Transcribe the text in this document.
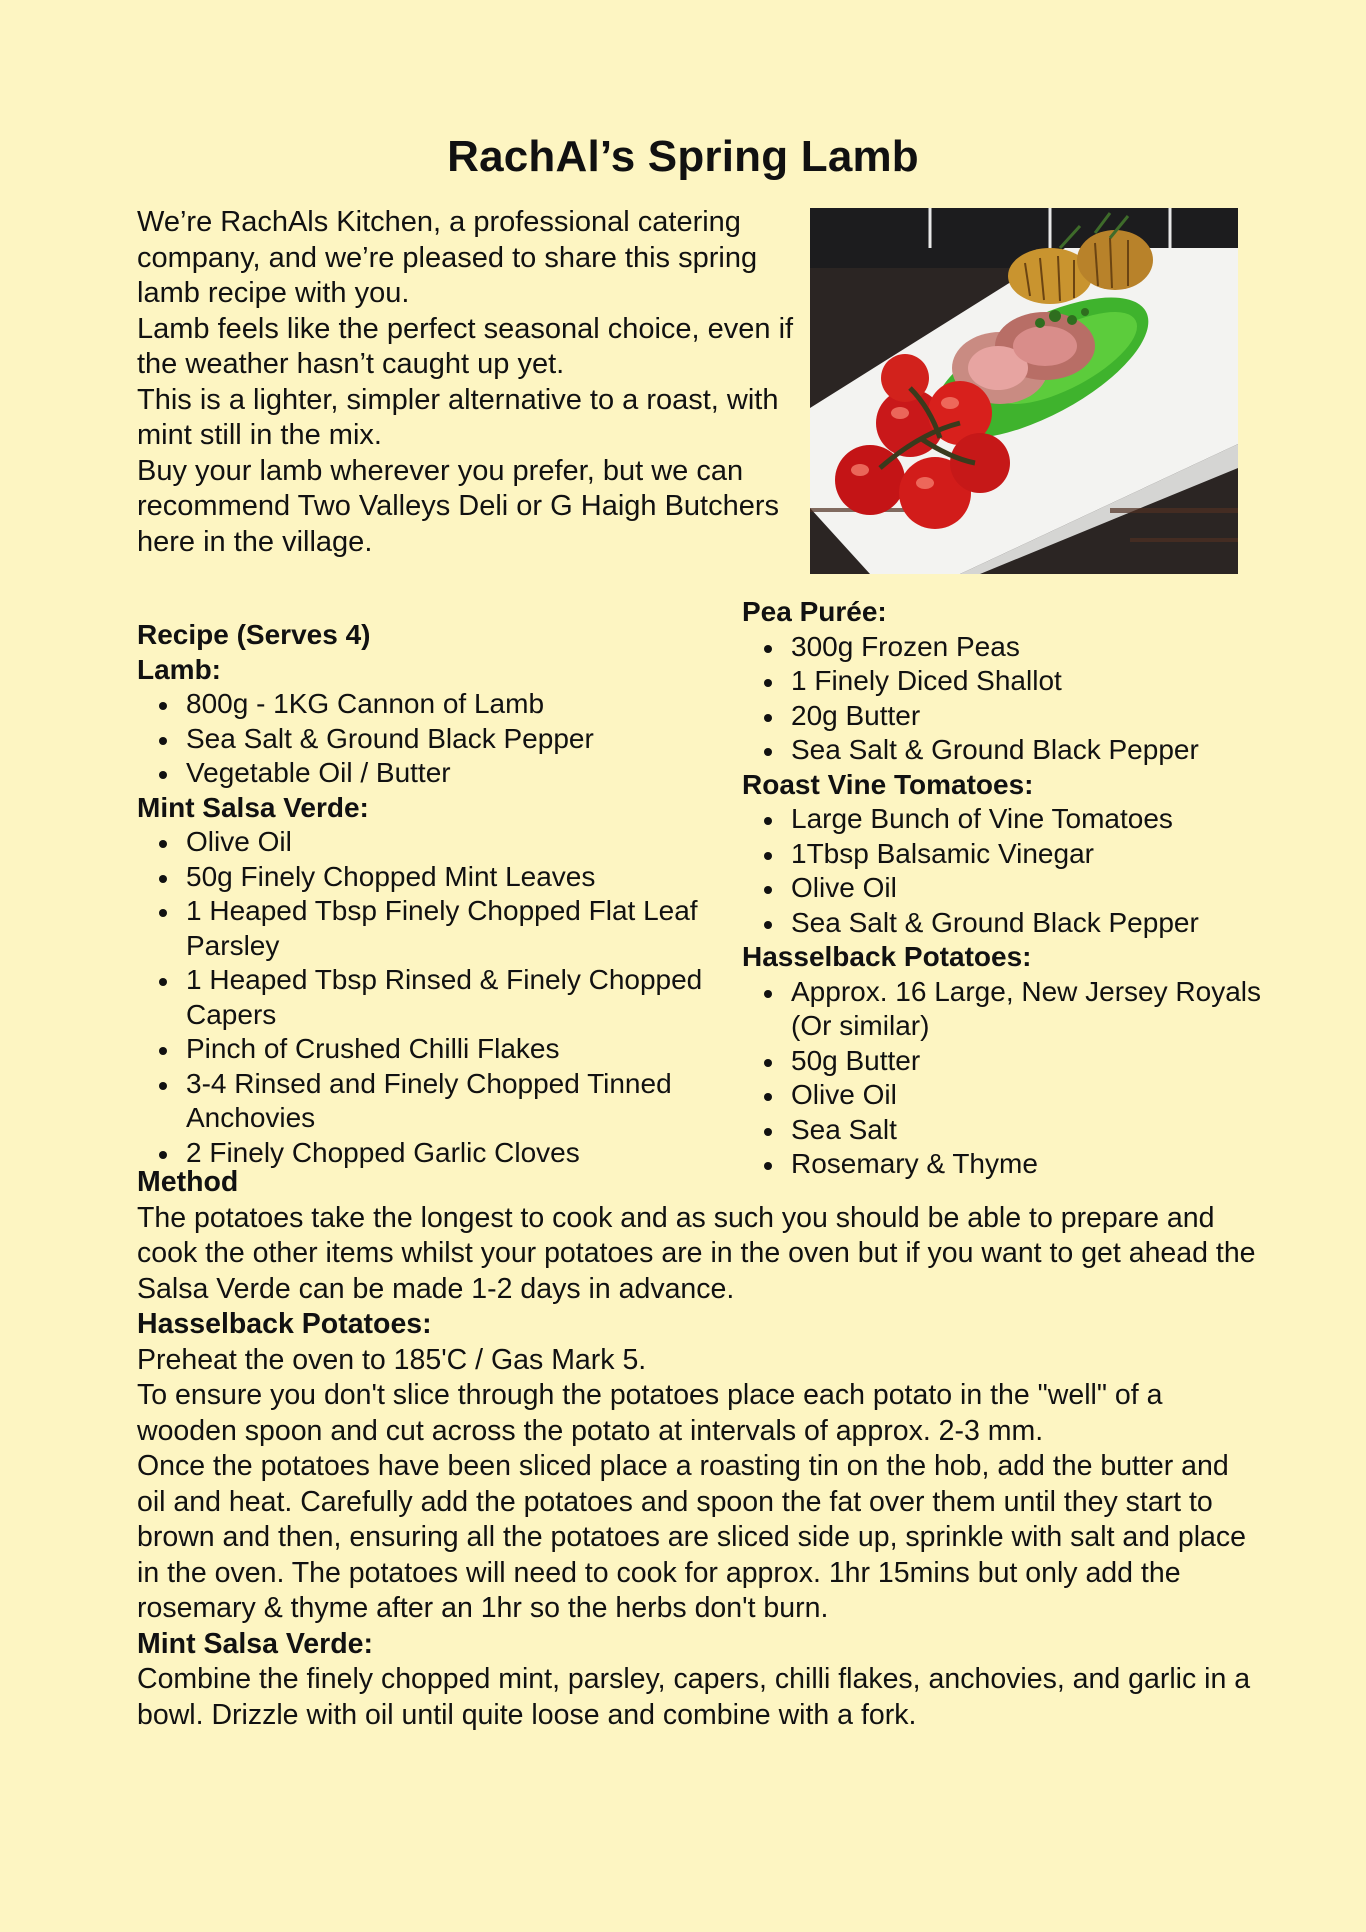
RachAl’s Spring Lamb

We’re RachAls Kitchen, a professional catering company, and we’re pleased to share this spring lamb recipe with you.

Lamb feels like the perfect seasonal choice, even if the weather hasn’t caught up yet.

This is a lighter, simpler alternative to a roast, with mint still in the mix.

Buy your lamb wherever you prefer, but we can recommend Two Valleys Deli or G Haigh Butchers here in the village.

Recipe (Serves 4)

Lamb:

800g - 1KG Cannon of Lamb
Sea Salt & Ground Black Pepper
Vegetable Oil / Butter

Mint Salsa Verde:

Olive Oil
50g Finely Chopped Mint Leaves
1 Heaped Tbsp Finely Chopped Flat Leaf Parsley
1 Heaped Tbsp Rinsed & Finely Chopped Capers
Pinch of Crushed Chilli Flakes
3-4 Rinsed and Finely Chopped Tinned Anchovies
2 Finely Chopped Garlic Cloves

Pea Purée:

300g Frozen Peas
1 Finely Diced Shallot
20g Butter
Sea Salt & Ground Black Pepper

Roast Vine Tomatoes:

Large Bunch of Vine Tomatoes
1Tbsp Balsamic Vinegar
Olive Oil
Sea Salt & Ground Black Pepper

Hasselback Potatoes:

Approx. 16 Large, New Jersey Royals (Or similar)
50g Butter
Olive Oil
Sea Salt
Rosemary & Thyme

Method

The potatoes take the longest to cook and as such you should be able to prepare and cook the other items whilst your potatoes are in the oven but if you want to get ahead the Salsa Verde can be made 1-2 days in advance.

Hasselback Potatoes:

Preheat the oven to 185'C / Gas Mark 5.

To ensure you don't slice through the potatoes place each potato in the "well" of a wooden spoon and cut across the potato at intervals of approx. 2-3 mm.

Once the potatoes have been sliced place a roasting tin on the hob, add the butter and oil and heat. Carefully add the potatoes and spoon the fat over them until they start to brown and then, ensuring all the potatoes are sliced side up, sprinkle with salt and place in the oven. The potatoes will need to cook for approx. 1hr 15mins but only add the rosemary & thyme after an 1hr so the herbs don't burn.

Mint Salsa Verde:

Combine the finely chopped mint, parsley, capers, chilli flakes, anchovies, and garlic in a bowl. Drizzle with oil until quite loose and combine with a fork.
